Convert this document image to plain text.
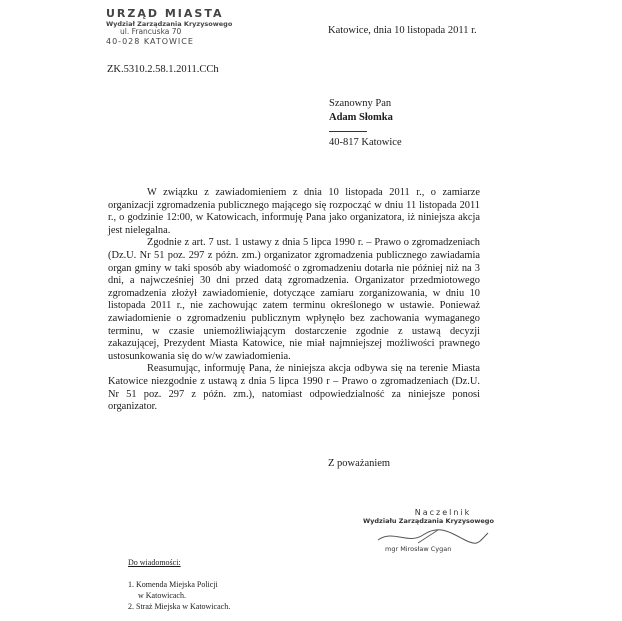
URZĄD MIASTA
Wydział Zarządzania Kryzysowego
ul. Francuska 70
40-028 KATOWICE
Katowice, dnia 10 listopada 2011 r.
ZK.5310.2.58.1.2011.CCh
Szanowny Pan
Adam Słomka
40-817 Katowice

W związku z zawiadomieniem z dnia 10 listopada 2011 r., o zamiarze organizacji zgromadzenia publicznego mającego się rozpocząć w dniu 11 listopada 2011 r., o godzinie 12:00, w Katowicach, informuję Pana jako organizatora, iż niniejsza akcja jest nielegalna.

Zgodnie z art. 7 ust. 1 ustawy z dnia 5 lipca 1990 r. – Prawo o zgromadzeniach (Dz.U. Nr 51 poz. 297 z późn. zm.) organizator zgromadzenia publicznego zawiadamia organ gminy w taki sposób aby wiadomość o zgromadzeniu dotarła nie później niż na 3 dni, a najwcześniej 30 dni przed datą zgromadzenia. Organizator przedmiotowego zgromadzenia złożył zawiadomienie, dotyczące zamiaru zorganizowania, w dniu 10 listopada 2011 r., nie zachowując zatem terminu określonego w ustawie. Ponieważ zawiadomienie o zgromadzeniu publicznym wpłynęło bez zachowania wymaganego terminu, w czasie uniemożliwiającym dostarczenie zgodnie z ustawą decyzji zakazującej, Prezydent Miasta Katowice, nie miał najmniejszej możliwości prawnego ustosunkowania się do w/w zawiadomienia.

Reasumując, informuję Pana, że niniejsza akcja odbywa się na terenie Miasta Katowice niezgodnie z ustawą z dnia 5 lipca 1990 r – Prawo o zgromadzeniach (Dz.U. Nr 51 poz. 297 z późn. zm.), natomiast odpowiedzialność za niniejsze ponosi organizator.

Z poważaniem
Naczelnik
Wydziału Zarządzania Kryzysowego
mgr Mirosław Cygan
Do wiadomości:
1. Komenda Miejska Policji
w Katowicach.
2. Straż Miejska w Katowicach.
